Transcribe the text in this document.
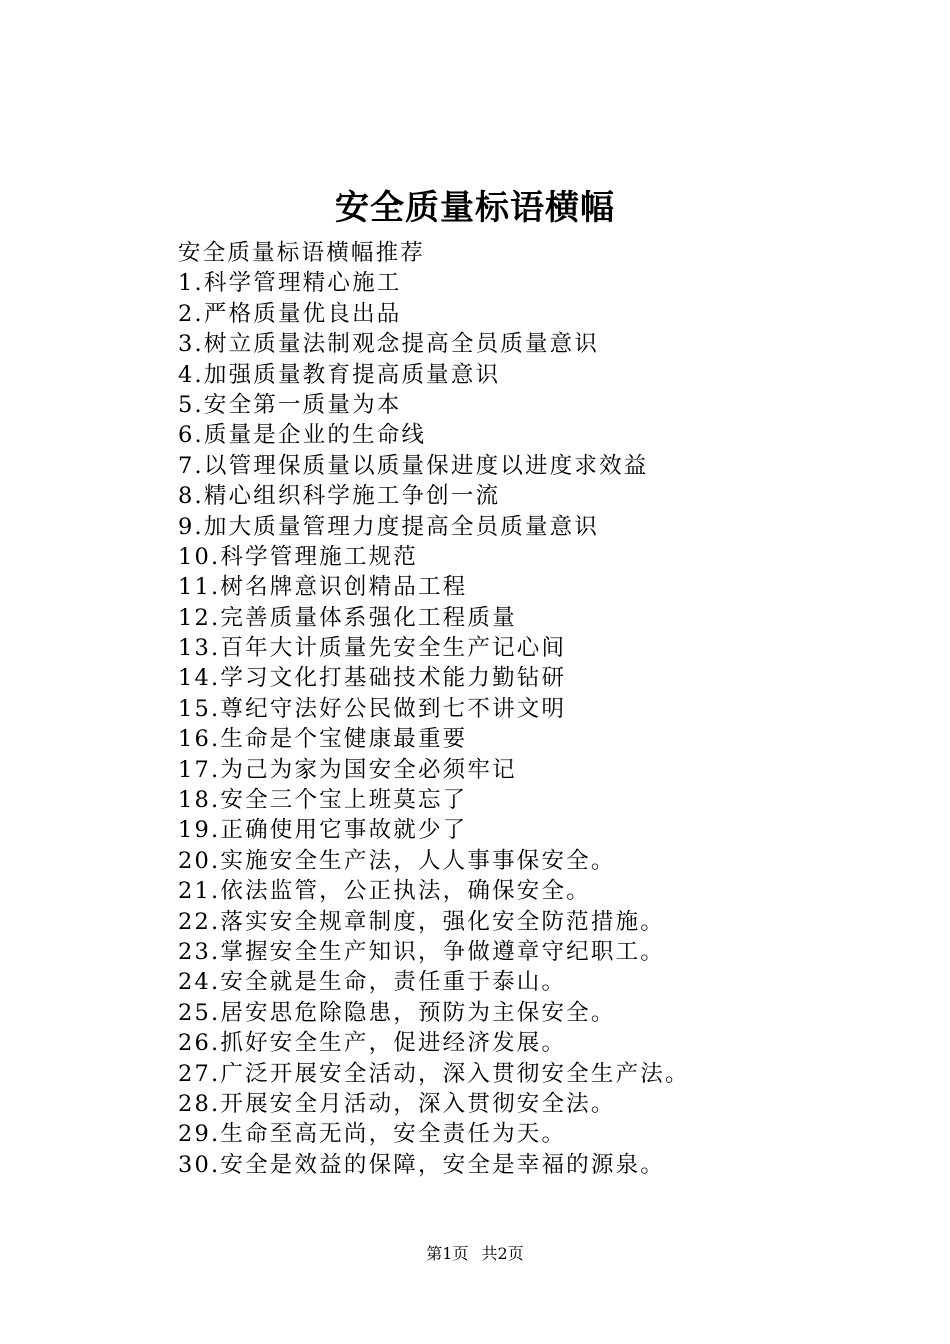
安全质量标语横幅
安全质量标语横幅推荐
1.科学管理精心施工
2.严格质量优良出品
3.树立质量法制观念提高全员质量意识
4.加强质量教育提高质量意识
5.安全第一质量为本
6.质量是企业的生命线
7.以管理保质量以质量保进度以进度求效益
8.精心组织科学施工争创一流
9.加大质量管理力度提高全员质量意识
10.科学管理施工规范
11.树名牌意识创精品工程
12.完善质量体系强化工程质量
13.百年大计质量先安全生产记心间
14.学习文化打基础技术能力勤钻研
15.尊纪守法好公民做到七不讲文明
16.生命是个宝健康最重要
17.为己为家为国安全必须牢记
18.安全三个宝上班莫忘了
19.正确使用它事故就少了
20.实施安全生产法，人人事事保安全。
21.依法监管，公正执法，确保安全。
22.落实安全规章制度，强化安全防范措施。
23.掌握安全生产知识，争做遵章守纪职工。
24.安全就是生命，责任重于泰山。
25.居安思危除隐患，预防为主保安全。
26.抓好安全生产，促进经济发展。
27.广泛开展安全活动，深入贯彻安全生产法。
28.开展安全月活动，深入贯彻安全法。
29.生命至高无尚，安全责任为天。
30.安全是效益的保障，安全是幸福的源泉。
第1页 共2页
